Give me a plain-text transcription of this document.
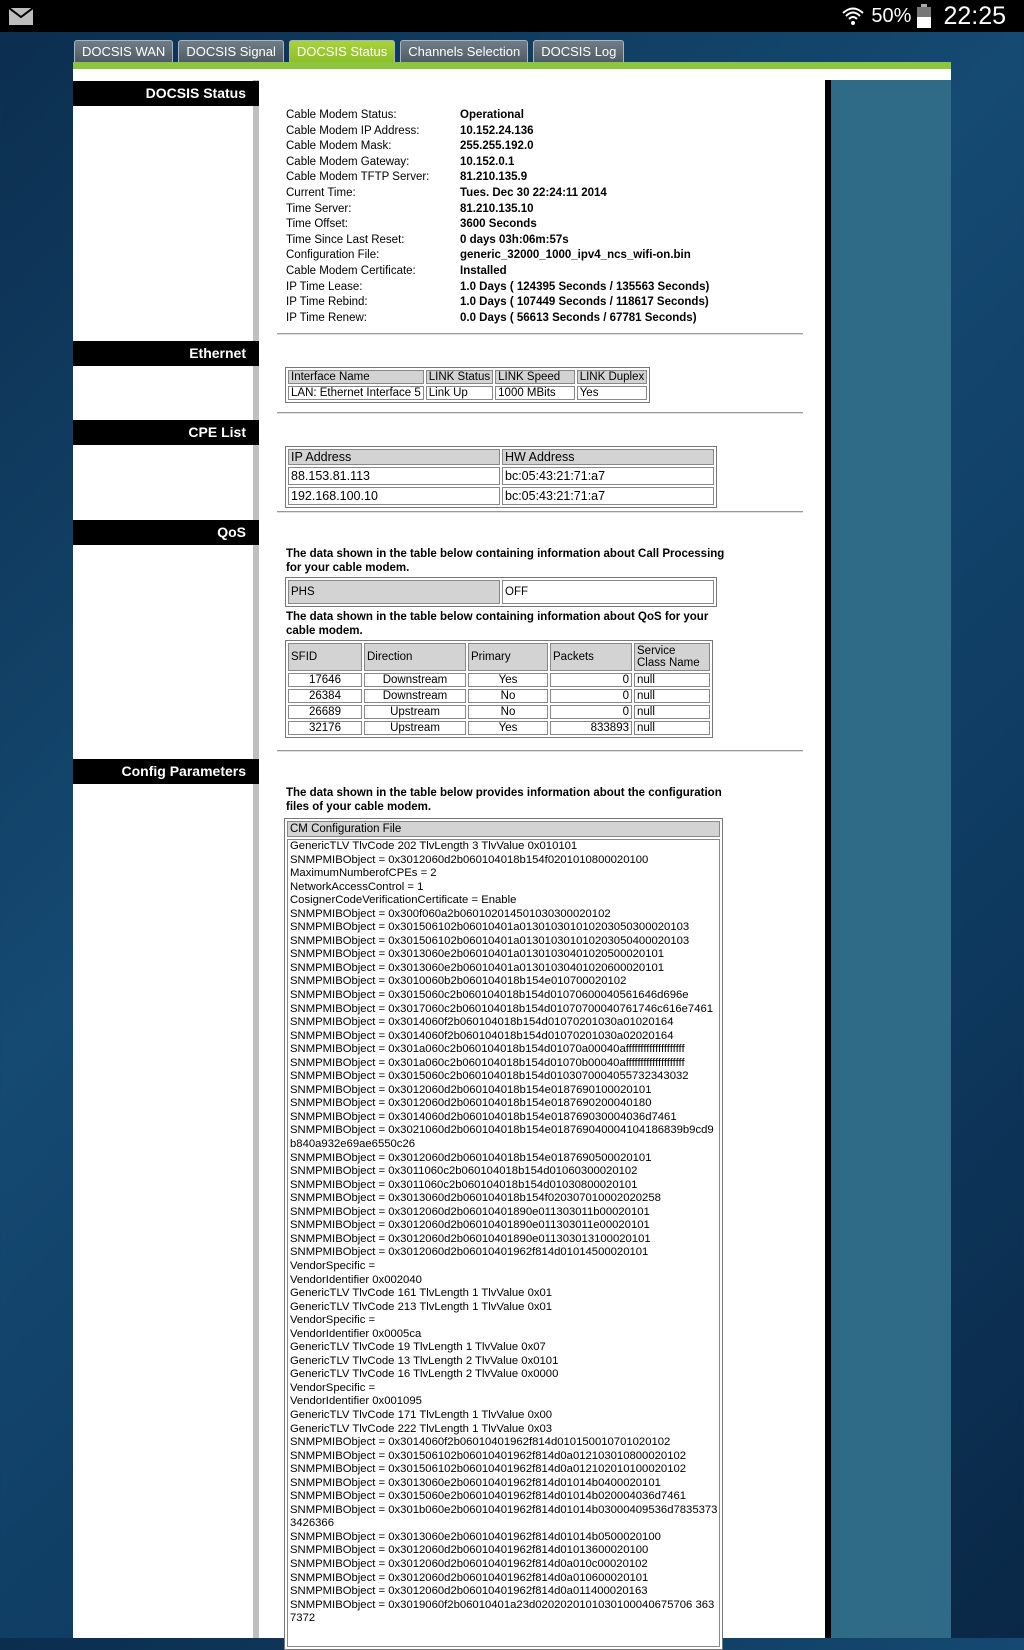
50% 22:25
DOCSIS WAN	DOCSIS Signal	DOCSIS Status	Channels Selection	DOCSIS Log
DOCSIS Status
Ethernet
CPE List
QoS
Config Parameters
Cable Modem Status:	Operational
Cable Modem IP Address:	10.152.24.136
Cable Modem Mask:	255.255.192.0
Cable Modem Gateway:	10.152.0.1
Cable Modem TFTP Server:	81.210.135.9
Current Time:	Tues. Dec 30 22:24:11 2014
Time Server:	81.210.135.10
Time Offset:	3600 Seconds
Time Since Last Reset:	0 days 03h:06m:57s
Configuration File:	generic_32000_1000_ipv4_ncs_wifi-on.bin
Cable Modem Certificate:	Installed
IP Time Lease:	1.0 Days ( 124395 Seconds / 135563 Seconds)
IP Time Rebind:	1.0 Days ( 107449 Seconds / 118617 Seconds)
IP Time Renew:	0.0 Days ( 56613 Seconds / 67781 Seconds)
Interface Name	LINK Status	LINK Speed	LINK Duplex
LAN: Ethernet Interface 5	Link Up	1000 MBits	Yes
IP Address	HW Address
88.153.81.113	bc:05:43:21:71:a7
192.168.100.10	bc:05:43:21:71:a7
The data shown in the table below containing information about Call Processing for your cable modem.
PHS	OFF
The data shown in the table below containing information about QoS for your cable modem.
SFID	Direction	Primary	Packets	Service Class Name
17646	Downstream	Yes	0	null
26384	Downstream	No	0	null
26689	Upstream	No	0	null
32176	Upstream	Yes	833893	null
The data shown in the table below provides information about the configuration files of your cable modem.
CM Configuration File
GenericTLV TlvCode 202 TlvLength 3 TlvValue 0x010101
SNMPMIBObject = 0x3012060d2b060104018b154f0201010800020100
MaximumNumberofCPEs = 2
NetworkAccessControl = 1
CosignerCodeVerificationCertificate = Enable
SNMPMIBObject = 0x300f060a2b06010201450103030002010​2
SNMPMIBObject = 0x301506102b06010401a01301030101020305030002010​3
SNMPMIBObject = 0x301506102b06010401a01301030101020305040002010​3
SNMPMIBObject = 0x3013060e2b06010401a0130103040102050002010​1
SNMPMIBObject = 0x3013060e2b06010401a0130103040102060002010​1
SNMPMIBObject = 0x3010060b2b060104018b154e010700020102
SNMPMIBObject = 0x3015060c2b060104018b154d01070600040561646d696e
SNMPMIBObject = 0x3017060c2b060104018b154d01070700040761746c616e7461
SNMPMIBObject = 0x3014060f2b060104018b154d01070201030a01020164
SNMPMIBObject = 0x3014060f2b060104018b154d01070201030a02020164
SNMPMIBObject = 0x301a060c2b060104018b154d01070a00040affffffffffffffffffff
SNMPMIBObject = 0x301a060c2b060104018b154d01070b00040affffffffffffffffffff
SNMPMIBObject = 0x3015060c2b060104018b154d01030700040557323430​32
SNMPMIBObject = 0x3012060d2b060104018b154e0187690100020101
SNMPMIBObject = 0x3012060d2b060104018b154e0187690200040180
SNMPMIBObject = 0x3014060d2b060104018b154e0187690300040​36d7461
SNMPMIBObject = 0x3021060d2b060104018b154e018769040004104186839b9cd9b840a932e69ae6550c26
SNMPMIBObject = 0x3012060d2b060104018b154e0187690500020101
SNMPMIBObject = 0x3011060c2b060104018b154d01060300020102
SNMPMIBObject = 0x3011060c2b060104018b154d01030800020101
SNMPMIBObject = 0x3013060d2b060104018b154f020307010002020258
SNMPMIBObject = 0x3012060d2b06010401890e011303011b00020101
SNMPMIBObject = 0x3012060d2b06010401890e011303011e00020101
SNMPMIBObject = 0x3012060d2b06010401890e011303013100020101
SNMPMIBObject = 0x3012060d2b06010401962f814d01014500020101
VendorSpecific =
VendorIdentifier 0x002040
GenericTLV TlvCode 161 TlvLength 1 TlvValue 0x01
GenericTLV TlvCode 213 TlvLength 1 TlvValue 0x01
VendorSpecific =
VendorIdentifier 0x0005ca
GenericTLV TlvCode 19 TlvLength 1 TlvValue 0x07
GenericTLV TlvCode 13 TlvLength 2 TlvValue 0x0101
GenericTLV TlvCode 16 TlvLength 2 TlvValue 0x0000
VendorSpecific =
VendorIdentifier 0x001095
GenericTLV TlvCode 171 TlvLength 1 TlvValue 0x00
GenericTLV TlvCode 222 TlvLength 1 TlvValue 0x03
SNMPMIBObject = 0x3014060f2b06010401962f814d010150010701020102
SNMPMIBObject = 0x301506102b06010401962f814d0a012103010800020102
SNMPMIBObject = 0x301506102b06010401962f814d0a0121020101000201​02
SNMPMIBObject = 0x3013060e2b06010401962f814d01014b0400020101
SNMPMIBObject = 0x3015060e2b06010401962f814d01014b020004036d7461
SNMPMIBObject = 0x301b060e2b06010401962f814d01014b03000409536d78353733426366
SNMPMIBObject = 0x3013060e2b06010401962f814d01014b0500020100
SNMPMIBObject = 0x3012060d2b06010401962f814d01013600020100
SNMPMIBObject = 0x3012060d2b06010401962f814d0a010c00020102
SNMPMIBObject = 0x3012060d2b06010401962f814d0a010600020101
SNMPMIBObject = 0x3012060d2b06010401962f814d0a011400020163
SNMPMIBObject = 0x3019060f2b06010401a23d0202020101030100040675706 3637372
